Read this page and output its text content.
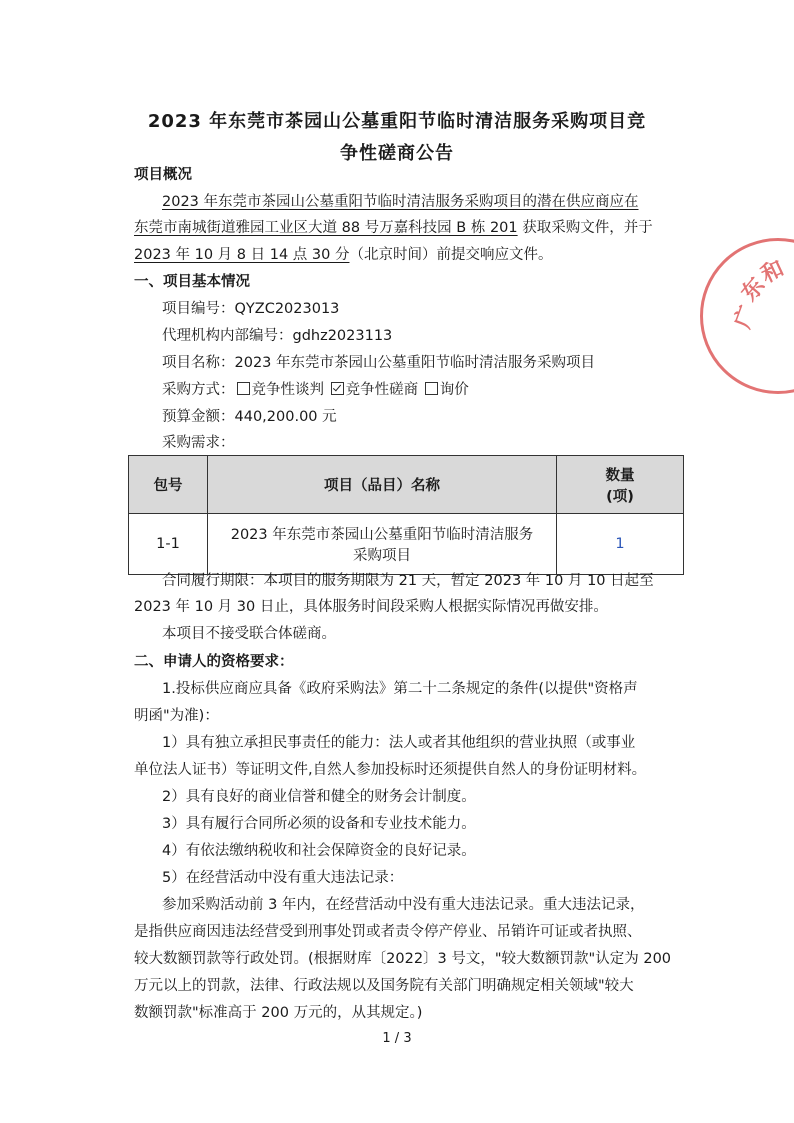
2023 年东莞市茶园山公墓重阳节临时清洁服务采购项目竞
争性磋商公告
项目概况
2023 年东莞市茶园山公墓重阳节临时清洁服务采购项目的潜在供应商应在
东莞市南城街道雅园工业区大道 88 号万嘉科技园 B 栋 201 获取采购文件，并于
2023 年 10 月 8 日 14 点 30 分（北京时间）前提交响应文件。
一、项目基本情况
项目编号：QYZC2023013
代理机构内部编号：gdhz2023113
项目名称：2023 年东莞市茶园山公墓重阳节临时清洁服务采购项目
采购方式： 竞争性谈判 竞争性磋商 询价
预算金额：440,200.00 元
采购需求：
包号	项目（品目）名称	数量
(项)

1-1	2023 年东莞市茶园山公墓重阳节临时清洁服务
采购项目	1
合同履行期限：本项目的服务期限为 21 天，暂定 2023 年 10 月 10 日起至
2023 年 10 月 30 日止，具体服务时间段采购人根据实际情况再做安排。
本项目不接受联合体磋商。
二、申请人的资格要求：
1.投标供应商应具备《政府采购法》第二十二条规定的条件(以提供"资格声
明函"为准)：
1）具有独立承担民事责任的能力：法人或者其他组织的营业执照（或事业
单位法人证书）等证明文件,自然人参加投标时还须提供自然人的身份证明材料。
2）具有良好的商业信誉和健全的财务会计制度。
3）具有履行合同所必须的设备和专业技术能力。
4）有依法缴纳税收和社会保障资金的良好记录。
5）在经营活动中没有重大违法记录：
参加采购活动前 3 年内，在经营活动中没有重大违法记录。重大违法记录，
是指供应商因违法经营受到刑事处罚或者责令停产停业、吊销许可证或者执照、
较大数额罚款等行政处罚。(根据财库〔2022〕3 号文，"较大数额罚款"认定为 200
万元以上的罚款，法律、行政法规以及国务院有关部门明确规定相关领域"较大
数额罚款"标准高于 200 万元的，从其规定。)
广
东
和
1 / 3
